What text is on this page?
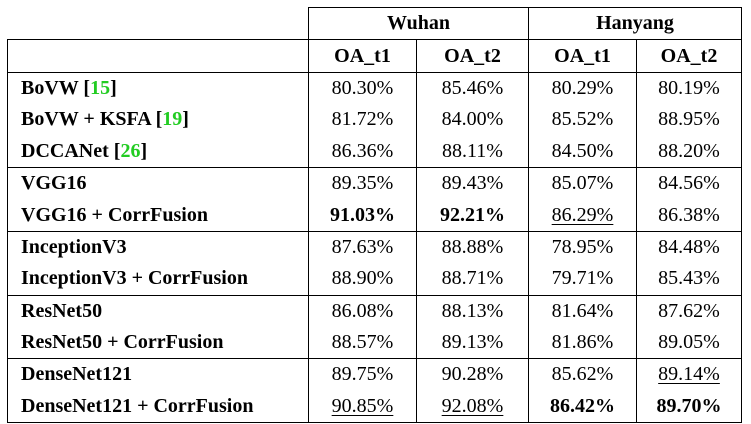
	Wuhan		Hanyang	
	OA_t1	OA_t2	OA_t1	OA_t2
BoVW [15]	80.30%	85.46%	80.29%	80.19%
BoVW + KSFA [19]	81.72%	84.00%	85.52%	88.95%
DCCANet [26]	86.36%	88.11%	84.50%	88.20%
VGG16	89.35%	89.43%	85.07%	84.56%
VGG16 + CorrFusion	91.03%	92.21%	86.29%	86.38%
InceptionV3	87.63%	88.88%	78.95%	84.48%
InceptionV3 + CorrFusion	88.90%	88.71%	79.71%	85.43%
ResNet50	86.08%	88.13%	81.64%	87.62%
ResNet50 + CorrFusion	88.57%	89.13%	81.86%	89.05%
DenseNet121	89.75%	90.28%	85.62%	89.14%
DenseNet121 + CorrFusion	90.85%	92.08%	86.42%	89.70%
